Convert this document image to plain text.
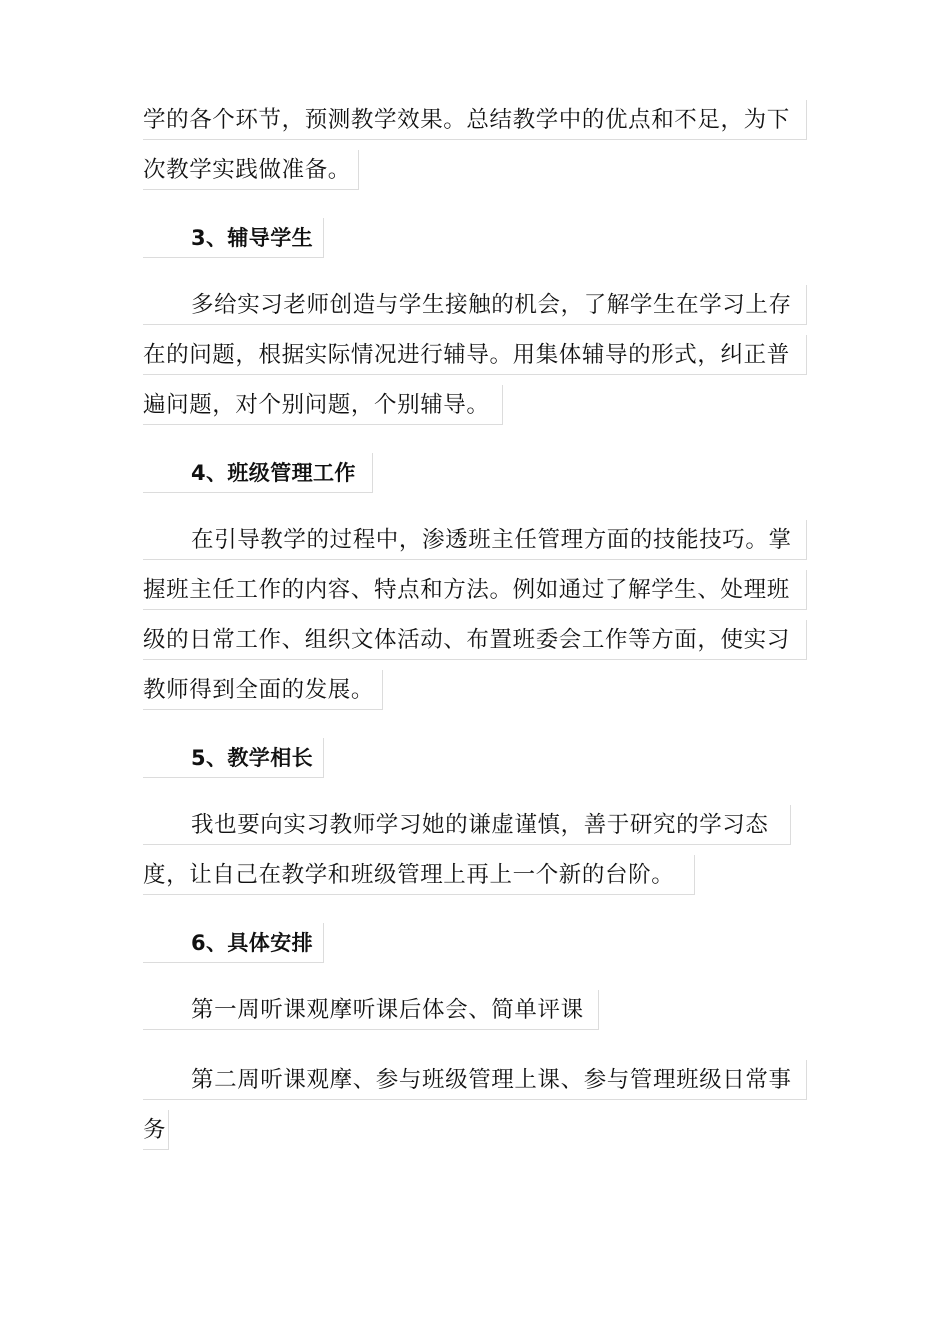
学的各个环节，预测教学效果。总结教学中的优点和不足，为下
次教学实践做准备。
3、辅导学生
多给实习老师创造与学生接触的机会，了解学生在学习上存
在的问题，根据实际情况进行辅导。用集体辅导的形式，纠正普
遍问题，对个别问题，个别辅导。
4、班级管理工作
在引导教学的过程中，渗透班主任管理方面的技能技巧。掌
握班主任工作的内容、特点和方法。例如通过了解学生、处理班
级的日常工作、组织文体活动、布置班委会工作等方面，使实习
教师得到全面的发展。
5、教学相长
我也要向实习教师学习她的谦虚谨慎，善于研究的学习态
度，让自己在教学和班级管理上再上一个新的台阶。
6、具体安排
第一周听课观摩听课后体会、简单评课
第二周听课观摩、参与班级管理上课、参与管理班级日常事
务
